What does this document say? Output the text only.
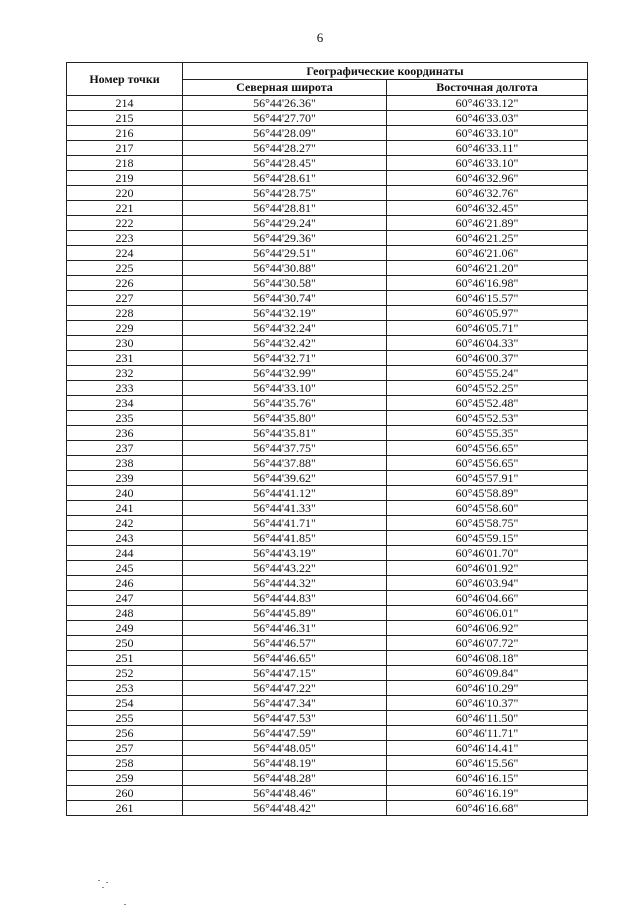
6
Номер точки	Географические координаты	
	Северная широта	Восточная долгота
214	56°44'26.36"	60°46'33.12"
215	56°44'27.70"	60°46'33.03"
216	56°44'28.09"	60°46'33.10"
217	56°44'28.27"	60°46'33.11"
218	56°44'28.45"	60°46'33.10"
219	56°44'28.61"	60°46'32.96"
220	56°44'28.75"	60°46'32.76"
221	56°44'28.81"	60°46'32.45"
222	56°44'29.24"	60°46'21.89"
223	56°44'29.36"	60°46'21.25"
224	56°44'29.51"	60°46'21.06"
225	56°44'30.88"	60°46'21.20"
226	56°44'30.58"	60°46'16.98"
227	56°44'30.74"	60°46'15.57"
228	56°44'32.19"	60°46'05.97"
229	56°44'32.24"	60°46'05.71"
230	56°44'32.42"	60°46'04.33"
231	56°44'32.71"	60°46'00.37"
232	56°44'32.99"	60°45'55.24"
233	56°44'33.10"	60°45'52.25"
234	56°44'35.76"	60°45'52.48"
235	56°44'35.80"	60°45'52.53"
236	56°44'35.81"	60°45'55.35"
237	56°44'37.75"	60°45'56.65"
238	56°44'37.88"	60°45'56.65"
239	56°44'39.62"	60°45'57.91"
240	56°44'41.12"	60°45'58.89"
241	56°44'41.33"	60°45'58.60"
242	56°44'41.71"	60°45'58.75"
243	56°44'41.85"	60°45'59.15"
244	56°44'43.19"	60°46'01.70"
245	56°44'43.22"	60°46'01.92"
246	56°44'44.32"	60°46'03.94"
247	56°44'44.83"	60°46'04.66"
248	56°44'45.89"	60°46'06.01"
249	56°44'46.31"	60°46'06.92"
250	56°44'46.57"	60°46'07.72"
251	56°44'46.65"	60°46'08.18"
252	56°44'47.15"	60°46'09.84"
253	56°44'47.22"	60°46'10.29"
254	56°44'47.34"	60°46'10.37"
255	56°44'47.53"	60°46'11.50"
256	56°44'47.59"	60°46'11.71"
257	56°44'48.05"	60°46'14.41"
258	56°44'48.19"	60°46'15.56"
259	56°44'48.28"	60°46'16.15"
260	56°44'48.46"	60°46'16.19"
261	56°44'48.42"	60°46'16.68"
